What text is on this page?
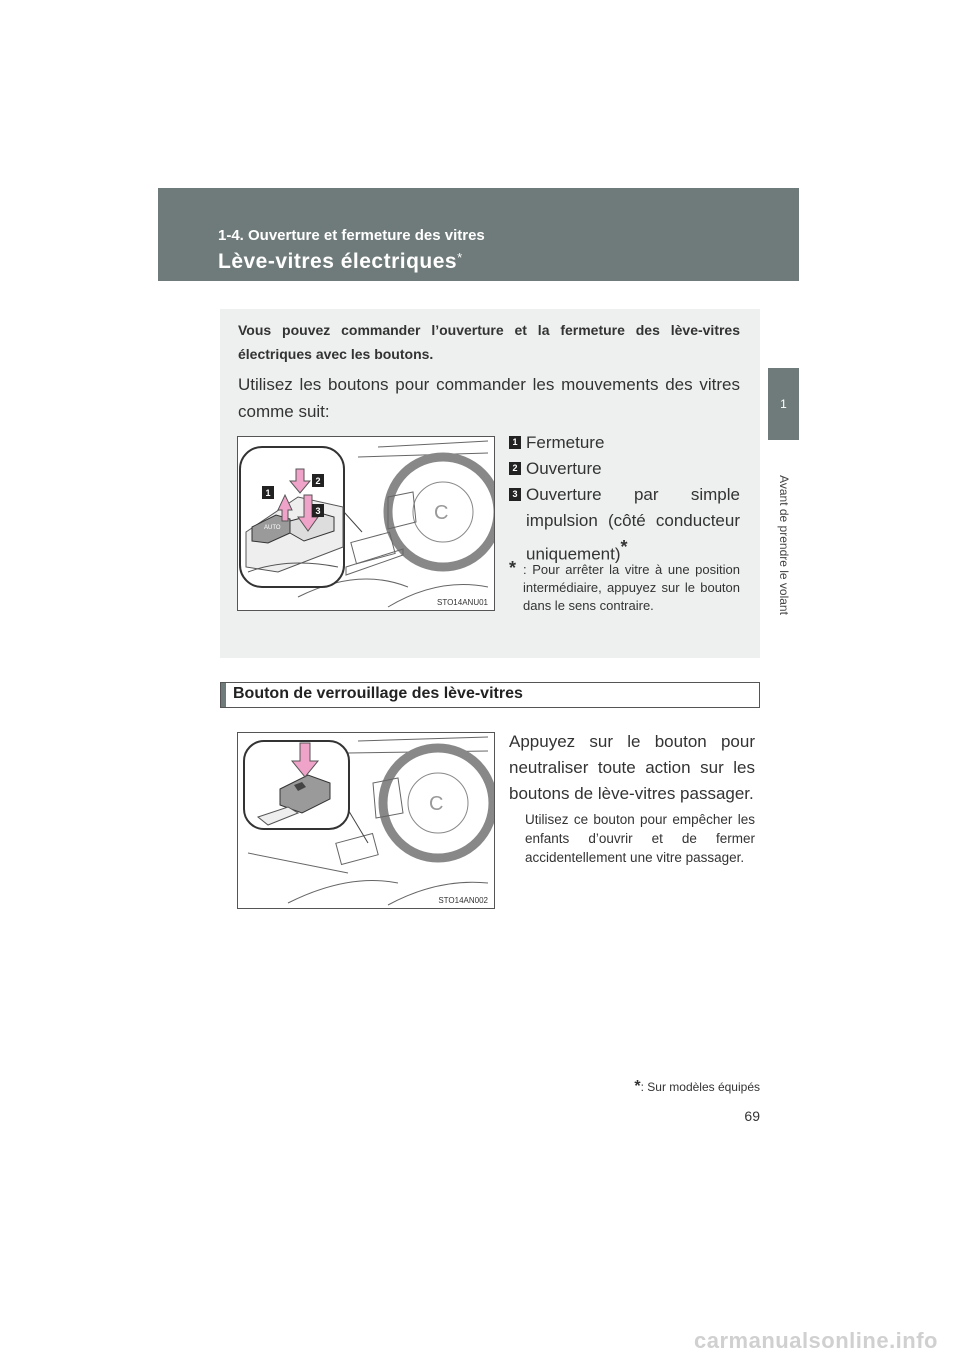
1-4. Ouverture et fermeture des vitres
Lève-vitres électriques*
1
Avant de prendre le volant
Vous pouvez commander l’ouverture et la fermeture des lève-vitres électriques avec les boutons.
Utilisez les boutons pour commander les mouvements des vitres comme suit:
C
AUTO
1
2
3
STO14ANU01
1 Fermeture
2 Ouverture
3 Ouverture par simple impulsion (côté conducteur uniquement)*
* : Pour arrêter la vitre à une position intermédiaire, appuyez sur le bouton dans le sens contraire.
Bouton de verrouillage des lève-vitres
C
STO14AN002
Appuyez sur le bouton pour neutraliser toute action sur les boutons de lève-vitres passager.
Utilisez ce bouton pour empêcher les enfants d’ouvrir et de fermer accidentellement une vitre passager.
*: Sur modèles équipés
69
carmanualsonline.info
